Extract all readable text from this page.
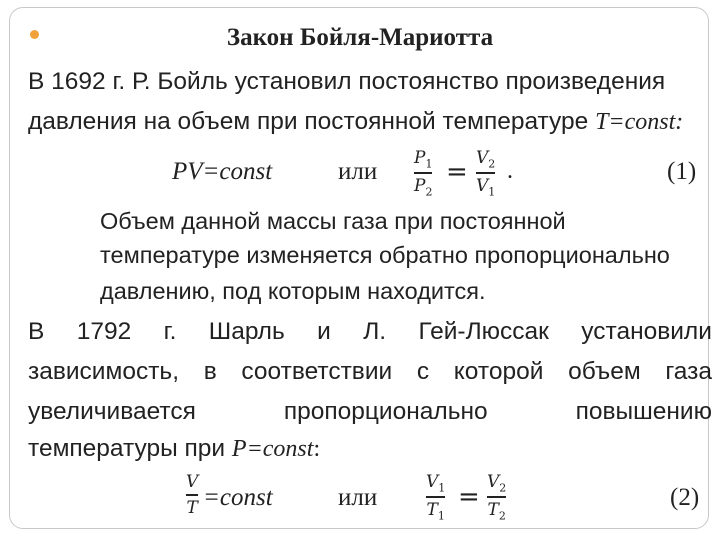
Закон Бойля-Мариотта
В 1692 г. Р. Бойль установил постоянство произведения
давления на объем при постоянной температуре T=const:
PV=const	или $P_1$
$P_2$
= $V_2$
$V_1$
.	(1)
Объем данной массы газа при постоянной
температуре изменяется обратно пропорционально
давлению, под которым находится.
В 1792 г. Шарль и Л. Гей-Люссак установили
зависимость, в соответствии с которой объем газа
увеличивается	пропорционально	повышению
температуры при P=const:
V
T =const	или
$V_1$
$T_1$
= $V_2$
$T_2$
(2)
